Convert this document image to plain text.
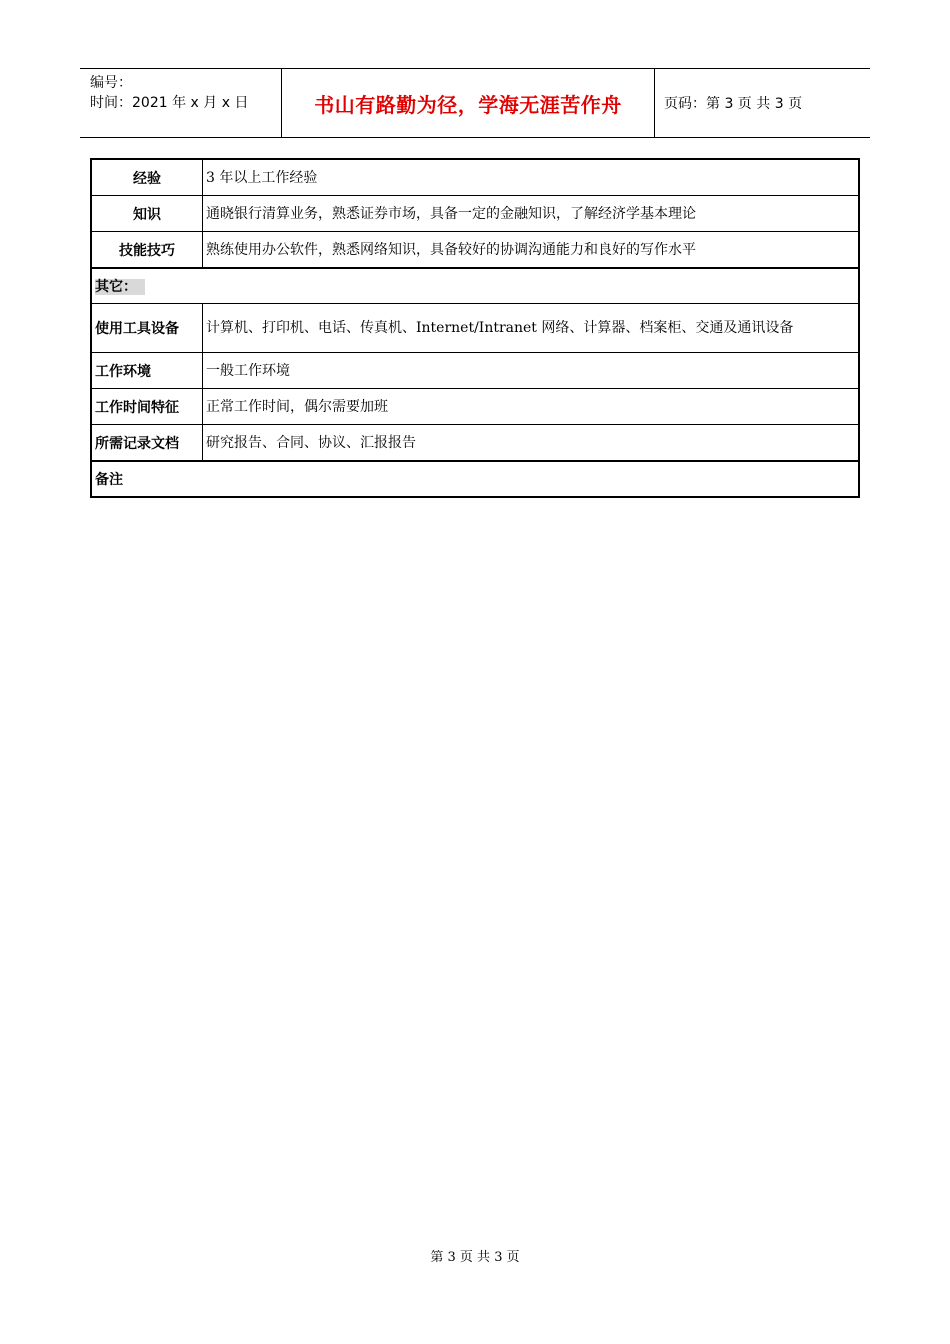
编号：
时间：2021 年 x 月 x 日	书山有路勤为径，学海无涯苦作舟	页码：第 3 页 共 3 页
经验	3 年以上工作经验
知识	通晓银行清算业务，熟悉证券市场，具备一定的金融知识，了解经济学基本理论
技能技巧	熟练使用办公软件，熟悉网络知识，具备较好的协调沟通能力和良好的写作水平
其它：	
使用工具设备	计算机、打印机、电话、传真机、Internet/Intranet 网络、计算器、档案柜、交通及通讯设备
工作环境	一般工作环境
工作时间特征	正常工作时间，偶尔需要加班
所需记录文档	研究报告、合同、协议、汇报报告
备注	
第 3 页 共 3 页
